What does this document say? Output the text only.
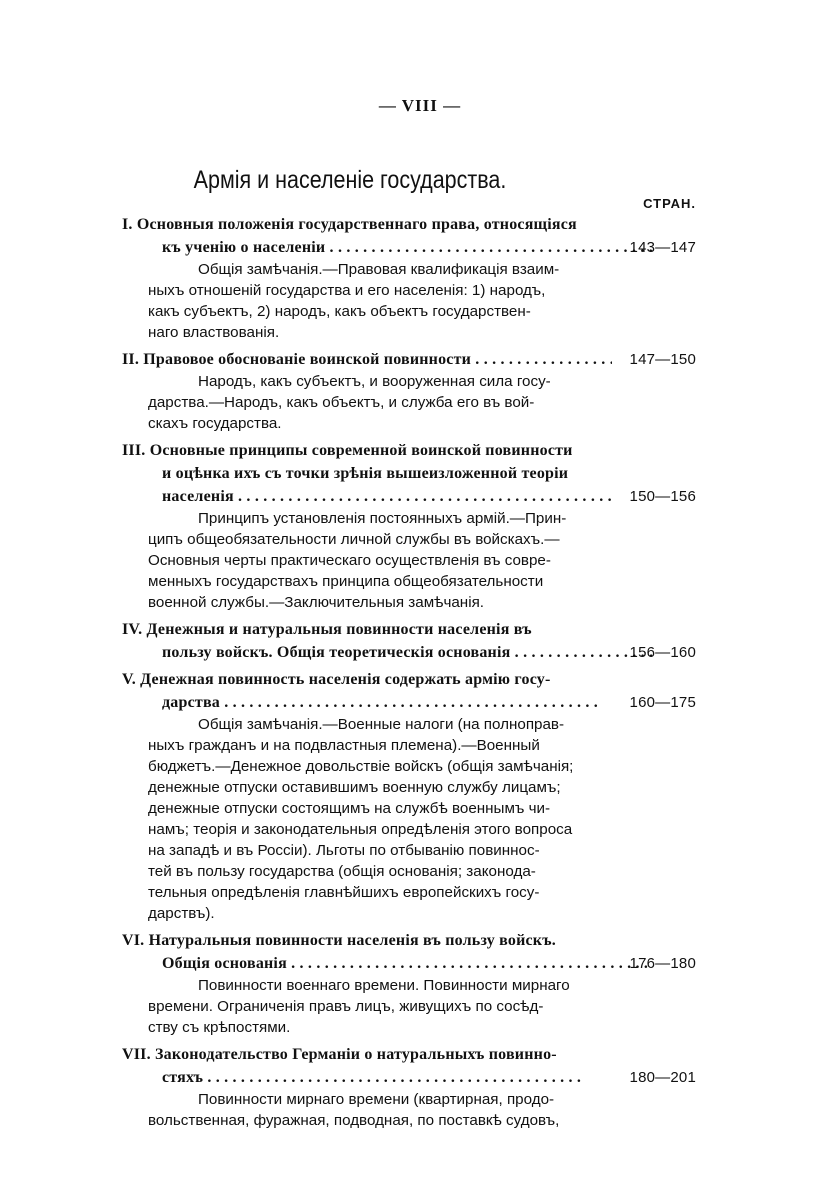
— VIII —
Армія и населеніе государства.
СТРАН.
I. Основныя положенія государственнаго права, относящіяся
къ ученію о населеніи . . .	143—147
Общія замѣчанія.—Правовая квалификація взаим-
ныхъ отношеній государства и его населенія: 1) народъ,
какъ субъектъ, 2) народъ, какъ объектъ государствен-
наго властвованія.
II. Правовое обоснованіе воинской повинности . . .	147—150
Народъ, какъ субъектъ, и вооруженная сила госу-
дарства.—Народъ, какъ объектъ, и служба его въ вой-
скахъ государства.
III. Основные принципы современной воинской повинности
и оцѣнка ихъ съ точки зрѣнія вышеизложенной теоріи
населенія . . .	150—156
Принципъ установленія постоянныхъ армій.—Прин-
ципъ общеобязательности личной службы въ войскахъ.—
Основныя черты практическаго осуществленія въ совре-
менныхъ государствахъ принципа общеобязательности
военной службы.—Заключительныя замѣчанія.
IV. Денежныя и натуральныя повинности населенія въ
пользу войскъ. Общія теоретическія основанія . . .	156—160
V. Денежная повинность населенія содержать армію госу-
дарства . . .	160—175
Общія замѣчанія.—Военные налоги (на полноправ-
ныхъ гражданъ и на подвластныя племена).—Военный
бюджетъ.—Денежное довольствіе войскъ (общія замѣчанія;
денежные отпуски оставившимъ военную службу лицамъ;
денежные отпуски состоящимъ на службѣ военнымъ чи-
намъ; теорія и законодательныя опредѣленія этого вопроса
на западѣ и въ Россіи). Льготы по отбыванію повиннос-
тей въ пользу государства (общія основанія; законода-
тельныя опредѣленія главнѣйшихъ европейскихъ госу-
дарствъ).
VI. Натуральныя повинности населенія въ пользу войскъ.
Общія основанія . . .	176—180
Повинности военнаго времени. Повинности мирнаго
времени. Ограниченія правъ лицъ, живущихъ по сосѣд-
ству съ крѣпостями.
VII. Законодательство Германіи о натуральныхъ повинно-
стяхъ . . .	180—201
Повинности мирнаго времени (квартирная, продо-
вольственная, фуражная, подводная, по поставкѣ судовъ,
